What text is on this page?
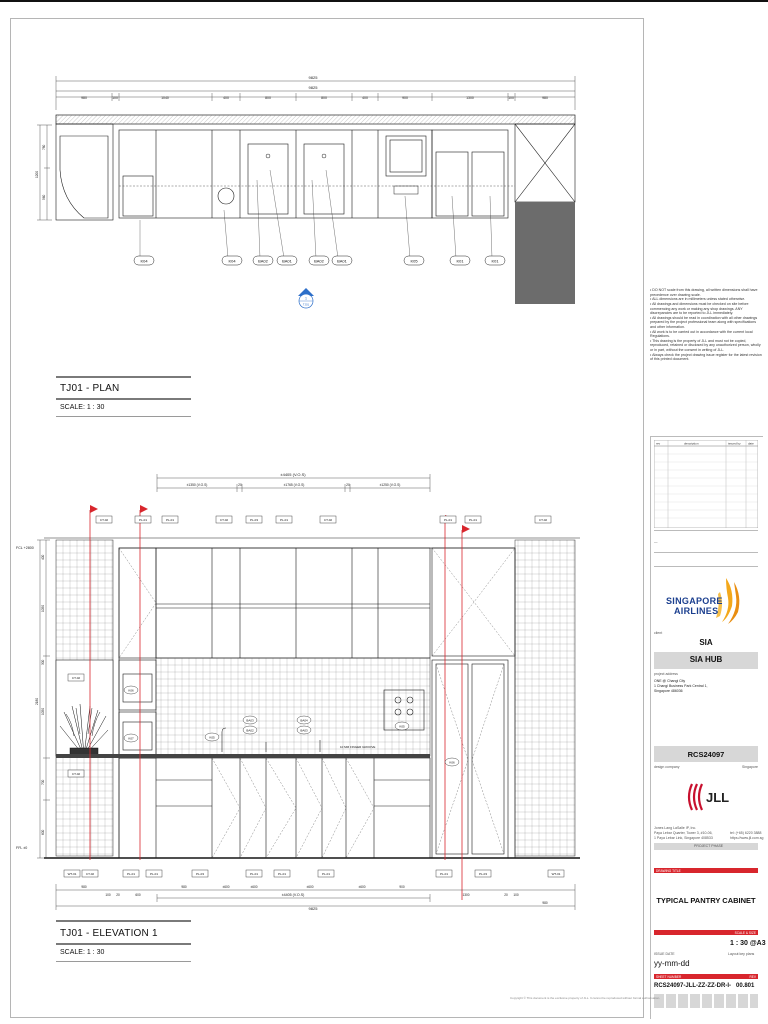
9825
9825
980	100	1040	400	800	800	400	900	1300	100	980
1200
780
560
K04	K04	BA02	BA01	BA02	BA01	K05	K01	K01
1
TJ01
±4405 (V.O.S)
±1350 (V.O.S)	20	±1765 (V.O.S)	20	±1250 (V.O.S)
FCL +2800
FFL ±0
400
1050
300
2180
1050
700
600
CT-02	PL-01	PL-01	CT-02	PL-03	PL-01	CT-02	PL-01	PL-01	CT-02
CT-02
CT-02
K06
K05
BA03
BA02
BA04
BA03
K05
K06
K07
10 MM FINGER GROOVE
WT-01	CT-02	PL-01	PL-01	PL-03	PL-01	PL-01	PL-01	PL-01	PL-03	WT-01
980
100 20	600
980	±600	±600	±600	±600	900
1300	20 100
980
±4405 (V.O.S)
9825
TJ01 - PLAN
SCALE: 1 : 30
TJ01 - ELEVATION 1
SCALE: 1 : 30
• DO NOT scale from this drawing, all written dimensions shall have precedence over drawing scale.
• ALL dimensions are in millimeters unless stated otherwise.
• All drawings and dimensions must be checked on site before commencing any work or making any shop drawings. ANY discrepancies are to be reported to JLL immediately.
• All drawings should be read in coordination with all other drawings prepared by the project professional team along with specifications and other information.
• All work is to be carried out in accordance with the current local Regulations.
• This drawing is the property of JLL and must not be copied, reproduced, retained or disclosed by any unauthorized person, wholly or in part, without the consent in writing of JLL.
• Always check the project drawing issue register for the latest revision of this printed document.
rev	description	issued by date
—
SINGAPORE
AIRLINES
client
SIA
SIA HUB
project address
ONE @ Changi City
1 Changi Business Park Central 1,
Singapore 486036
RCS24097
design company	Singapore
JLL
Jones Lang LaSalle IP, Inc.
Paya Lebar Quarter, Tower 3, #10-06,
1 Paya Lebar Link, Singapore 408533
tel: (+65) 6220 3888
https://www.jll.com.sg
PROJECT PHASE
DRAWING TITLE
TYPICAL PANTRY CABINET
SCALE & SIZE
1 : 30 @A3
ISSUE DATE	Layout key plans
yy-mm-dd
SHEET NUMBER	REV
RCS24097-JLL-ZZ-ZZ-DR-I- 00.801
Copyright © This document is the exclusive property of JLL. It cannot be reproduced without formal authorisation.
